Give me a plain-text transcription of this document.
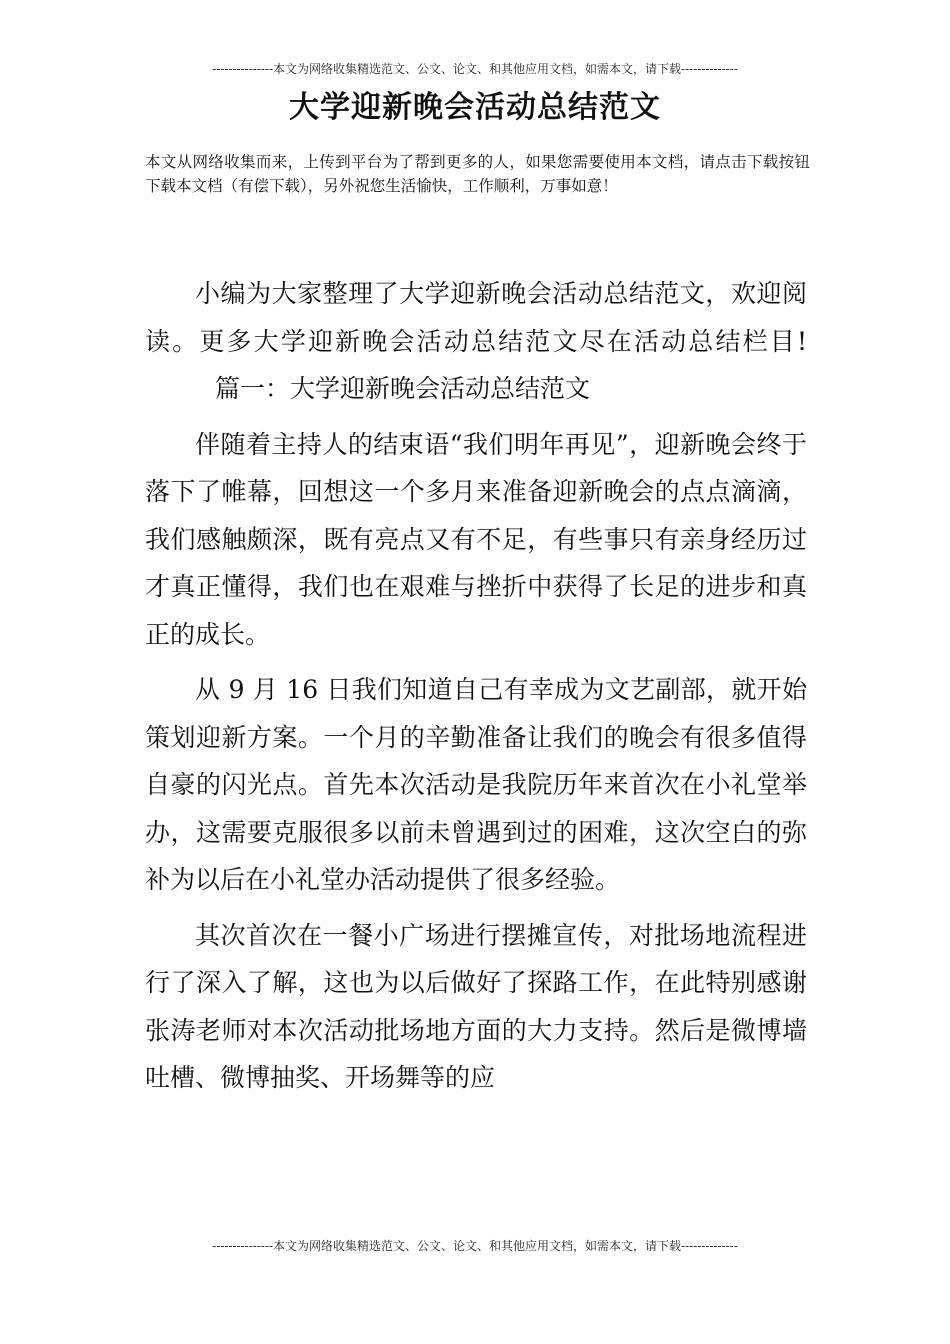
---------------本文为网络收集精选范文、公文、论文、和其他应用文档，如需本文，请下载--------------
大学迎新晚会活动总结范文
本文从网络收集而来，上传到平台为了帮到更多的人，如果您需要使用本文档，请点击下载按钮下载本文档（有偿下载），另外祝您生活愉快，工作顺利，万事如意！

小编为大家整理了大学迎新晚会活动总结范文，欢迎阅读。更多大学迎新晚会活动总结范文尽在活动总结栏目!篇一：大学迎新晚会活动总结范文

伴随着主持人的结束语“我们明年再见”，迎新晚会终于落下了帷幕，回想这一个多月来准备迎新晚会的点点滴滴，我们感触颇深，既有亮点又有不足，有些事只有亲身经历过才真正懂得，我们也在艰难与挫折中获得了长足的进步和真正的成长。

从 9 月 16 日我们知道自己有幸成为文艺副部，就开始策划迎新方案。一个月的辛勤准备让我们的晚会有很多值得自豪的闪光点。首先本次活动是我院历年来首次在小礼堂举办，这需要克服很多以前未曾遇到过的困难，这次空白的弥补为以后在小礼堂办活动提供了很多经验。

其次首次在一餐小广场进行摆摊宣传，对批场地流程进行了深入了解，这也为以后做好了探路工作，在此特别感谢张涛老师对本次活动批场地方面的大力支持。然后是微博墙吐槽、微博抽奖、开场舞等的应

---------------本文为网络收集精选范文、公文、论文、和其他应用文档，如需本文，请下载--------------
